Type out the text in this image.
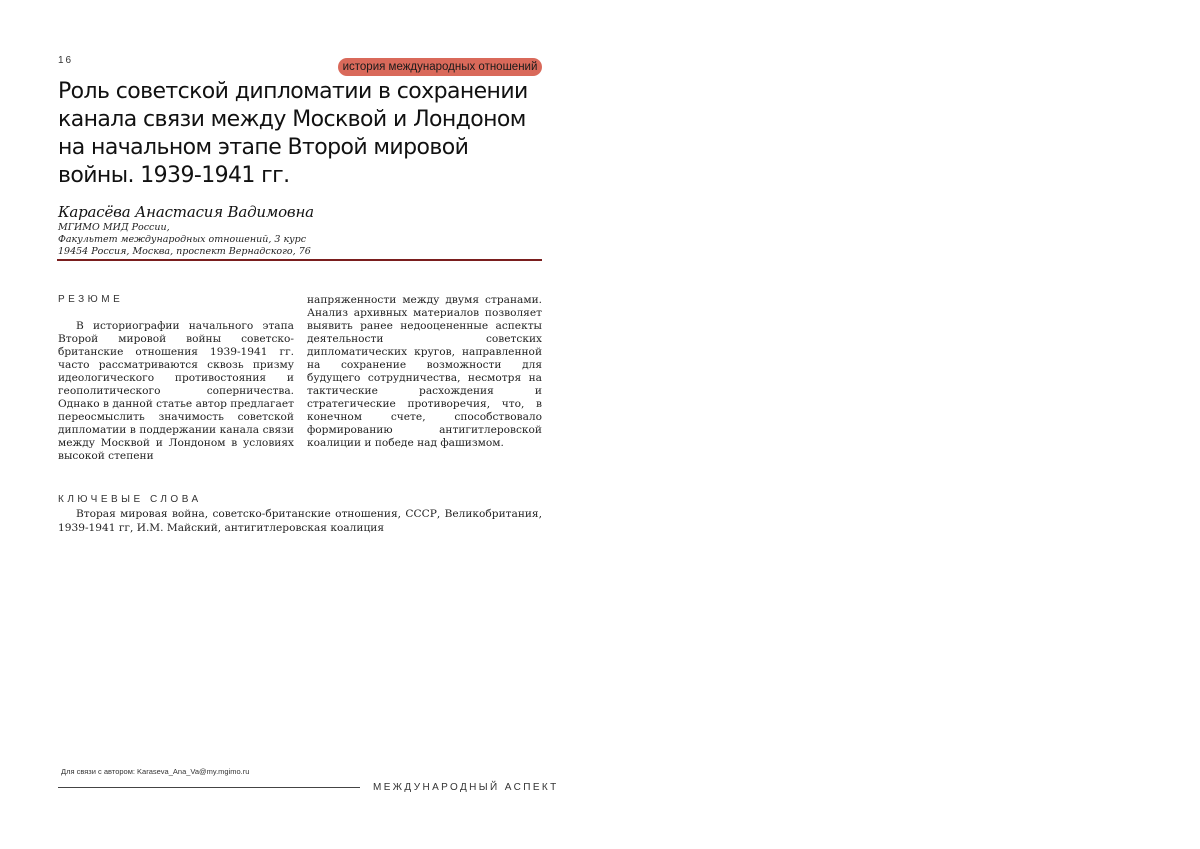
16
история международных отношений
Роль советской дипломатии в сохранении канала связи между Москвой и Лондоном на начальном этапе Второй мировой войны. 1939-1941 гг.
Карасёва Анастасия Вадимовна
МГИМО МИД России,
Факультет международных отношений, 3 курс
19454 Россия, Москва, проспект Вернадского, 76
РЕЗЮМЕ

В историографии начального этапа Второй мировой войны советско-британские отношения 1939-1941 гг. часто рассматриваются сквозь призму идеологического противостояния и геополитического соперничества. Однако в данной статье автор предлагает переосмыслить значимость советской дипломатии в поддержании канала связи между Москвой и Лондоном в условиях высокой степени

напряженности между двумя странами. Анализ архивных материалов позволяет выявить ранее недооцененные аспекты деятельности советских дипломатических кругов, направленной на сохранение возможности для будущего сотрудничества, несмотря на тактические расхождения и стратегические противоречия, что, в конечном счете, способствовало формированию антигитлеровской коалиции и победе над фашизмом.

КЛЮЧЕВЫЕ СЛОВА

Вторая мировая война, советско-британские отношения, СССР, Великобритания, 1939-1941 гг, И.М. Майский, антигитлеровская коалиция

Для связи с автором: Karaseva_Ana_Va@my.mgimo.ru
МЕЖДУНАРОДНЫЙ АСПЕКТ
